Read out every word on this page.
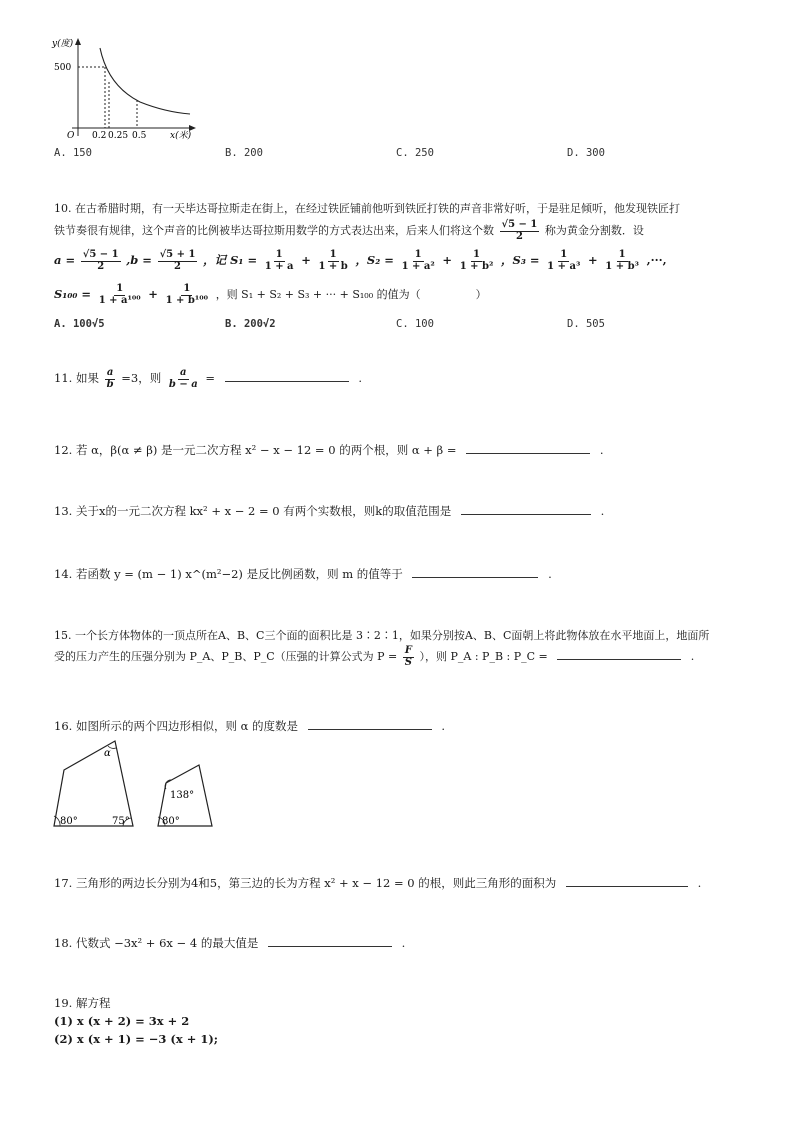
y(度)
500
O 0.2 0.25 0.5	x(米)
A. 150	B. 200	C. 250	D. 300
10. 在古希腊时期，有一天毕达哥拉斯走在街上，在经过铁匠铺前他听到铁匠打铁的声音非常好听，于是驻足倾听，他发现铁匠打
铁节奏很有规律，这个声音的比例被毕达哥拉斯用数学的方式表达出来，后来人们将这个数 $\frac{√5 - 1}{2}$ 称为黄金分割数．设
$a = \frac{√5 - 1}{2} ,b = \frac{√5 + 1}{2}$ ，记 $S_1 = \frac{1}{1 + a} + \frac{1}{1 + b}$ ，$S_2 = \frac{1}{\text{1 + a²}} + \frac{1}{\text{1 + b²}}$ ，$S_3 = \frac{1}{\text{1 + a³}} + \frac{1}{\text{1 + b³}}$ ,···,
$S_{100} = \frac{1}{\text{1 + a¹⁰⁰}} + \frac{1}{\text{1 + b¹⁰⁰}}$ ，则 S₁ + S₂ + S₃ + ··· + S₁₀₀ 的值为（　　　　　）
A. 100√5	B. 200√2	C. 100	D. 505
11. 如果 $\frac{a}{b} =3$，则 $\frac{a}{b - a}$ =	.
12. 若 α，β(α ≠ β) 是一元二次方程 x² − x − 12 = 0 的两个根，则 α + β =	.
13. 关于x的一元二次方程 kx² + x − 2 = 0 有两个实数根，则k的取值范围是	.
14. 若函数 y = (m − 1) x^(m²−2) 是反比例函数，则 m 的值等于	.
15. 一个长方体物体的一顶点所在A、B、C三个面的面积比是 3∶2∶1，如果分别按A、B、C面朝上将此物体放在水平地面上，地面所
受的压力产生的压强分别为 P_A、P_B、P_C（压强的计算公式为 $P = \frac{F}{S}$ ），则 P_A : P_B : P_C =	.
16. 如图所示的两个四边形相似，则 α 的度数是	.
α
80°	75°
138°
80°
17. 三角形的两边长分别为4和5，第三边的长为方程 x² + x − 12 = 0 的根，则此三角形的面积为	.
18. 代数式 −3x² + 6x − 4 的最大值是	.
19. 解方程
(1) x (x + 2) = 3x + 2
(2) x (x + 1) = −3 (x + 1);
